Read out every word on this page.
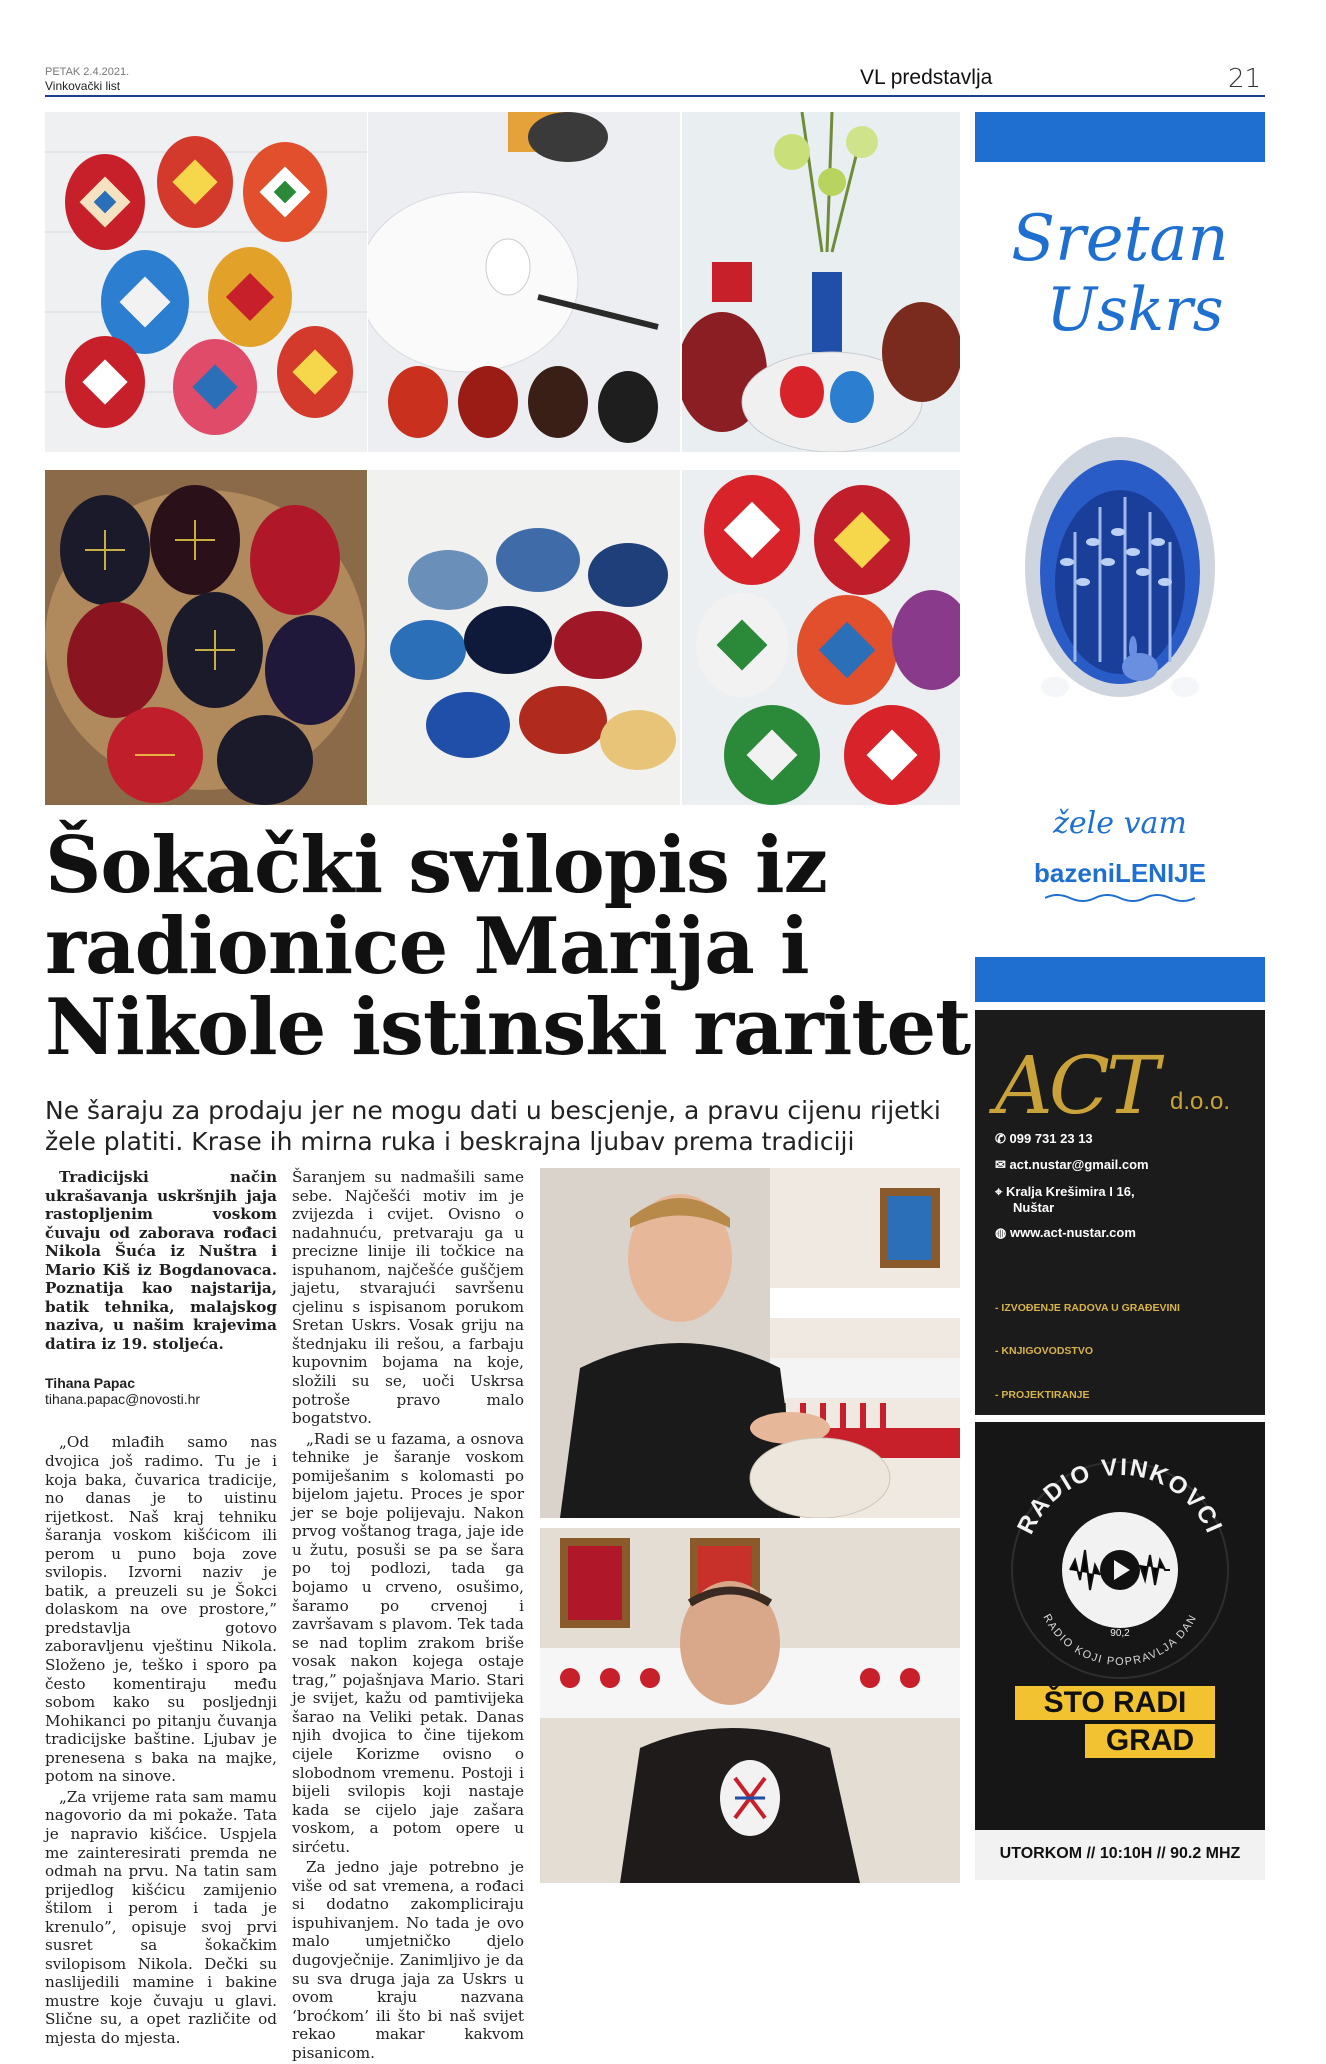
PETAK 2.4.2021.
Vinkovački list	VL predstavlja	21
Šokački svilopis iz radionice Marija i Nikole istinski raritet

Ne šaraju za prodaju jer ne mogu dati u bescjenje, a pravu cijenu rijetki žele platiti. Krase ih mirna ruka i beskrajna ljubav prema tradiciji

Tradicijski način ukrašavanja uskršnjih jaja rastopljenim voskom čuvaju od zaborava rođaci Nikola Šuća iz Nuštra i Mario Kiš iz Bogdanovaca. Poznatija kao najstarija, batik tehnika, malajskog naziva, u našim krajevima datira iz 19. stoljeća.

Tihana Papac
tihana.papac@novosti.hr

„Od mlađih samo nas dvojica još radimo. Tu je i koja baka, čuvarica tradicije, no danas je to uistinu rijetkost. Naš kraj tehniku šaranja voskom kišćicom ili perom u puno boja zove svilopis. Izvorni naziv je batik, a preuzeli su je Šokci dolaskom na ove prostore,” predstavlja gotovo zaboravljenu vještinu Nikola. Složeno je, teško i sporo pa često komentiraju među sobom kako su posljednji Mohikanci po pitanju čuvanja tradicijske baštine. Ljubav je prenesena s baka na majke, potom na sinove.

„Za vrijeme rata sam mamu nagovorio da mi pokaže. Tata je napravio kišćice. Uspjela me zainteresirati premda ne odmah na prvu. Na tatin sam prijedlog kišćicu zamijenio štilom i perom i tada je krenulo”, opisuje svoj prvi susret sa šokačkim svilopisom Nikola. Dečki su naslijedili mamine i bakine mustre koje čuvaju u glavi. Slične su, a opet različite od mjesta do mjesta.

Šaranjem su nadmašili same sebe. Najčešći motiv im je zvijezda i cvijet. Ovisno o nadahnuću, pretvaraju ga u precizne linije ili točkice na ispuhanom, najčešće guščjem jajetu, stvarajući savršenu cjelinu s ispisanom porukom Sretan Uskrs. Vosak griju na štednjaku ili rešou, a farbaju kupovnim bojama na koje, složili su se, uoči Uskrsa potroše pravo malo bogatstvo.

„Radi se u fazama, a osnova tehnike je šaranje voskom pomiješanim s kolomasti po bijelom jajetu. Proces je spor jer se boje polijevaju. Nakon prvog voštanog traga, jaje ide u žutu, posuši se pa se šara po toj podlozi, tada ga bojamo u crveno, osušimo, šaramo po crvenoj i završavam s plavom. Tek tada se nad toplim zrakom briše vosak nakon kojega ostaje trag,” pojašnjava Mario. Stari je svijet, kažu od pamtivijeka šarao na Veliki petak. Danas njih dvojica to čine tijekom cijele Korizme ovisno o slobodnom vremenu. Postoji i bijeli svilopis koji nastaje kada se cijelo jaje zašara voskom, a potom opere u sirćetu.

Za jedno jaje potrebno je više od sat vremena, a rođaci si dodatno zakompliciraju ispuhivanjem. No tada je ovo malo umjetničko djelo dugovječnije. Zanimljivo je da su sva druga jaja za Uskrs u ovom kraju nazvana ‘broćkom’ ili što bi naš svijet rekao makar kakvom pisanicom.

Sretan
Uskrs
žele vam
bazeniLENIJE
ACT d.o.o.
✆ 099 731 23 13
✉ act.nustar@gmail.com
⌖ Kralja Krešimira I 16,
Nuštar
◍ www.act-nustar.com

- IZVOĐENJE RADOVA U GRAĐEVINI

- KNJIGOVODSTVO

- PROJEKTIRANJE

RADIO VINKOVCI
RADIO KOJI POPRAVLJA DAN
90,2
ŠTO RADI
GRAD
UTORKOM // 10:10H // 90.2 MHZ
